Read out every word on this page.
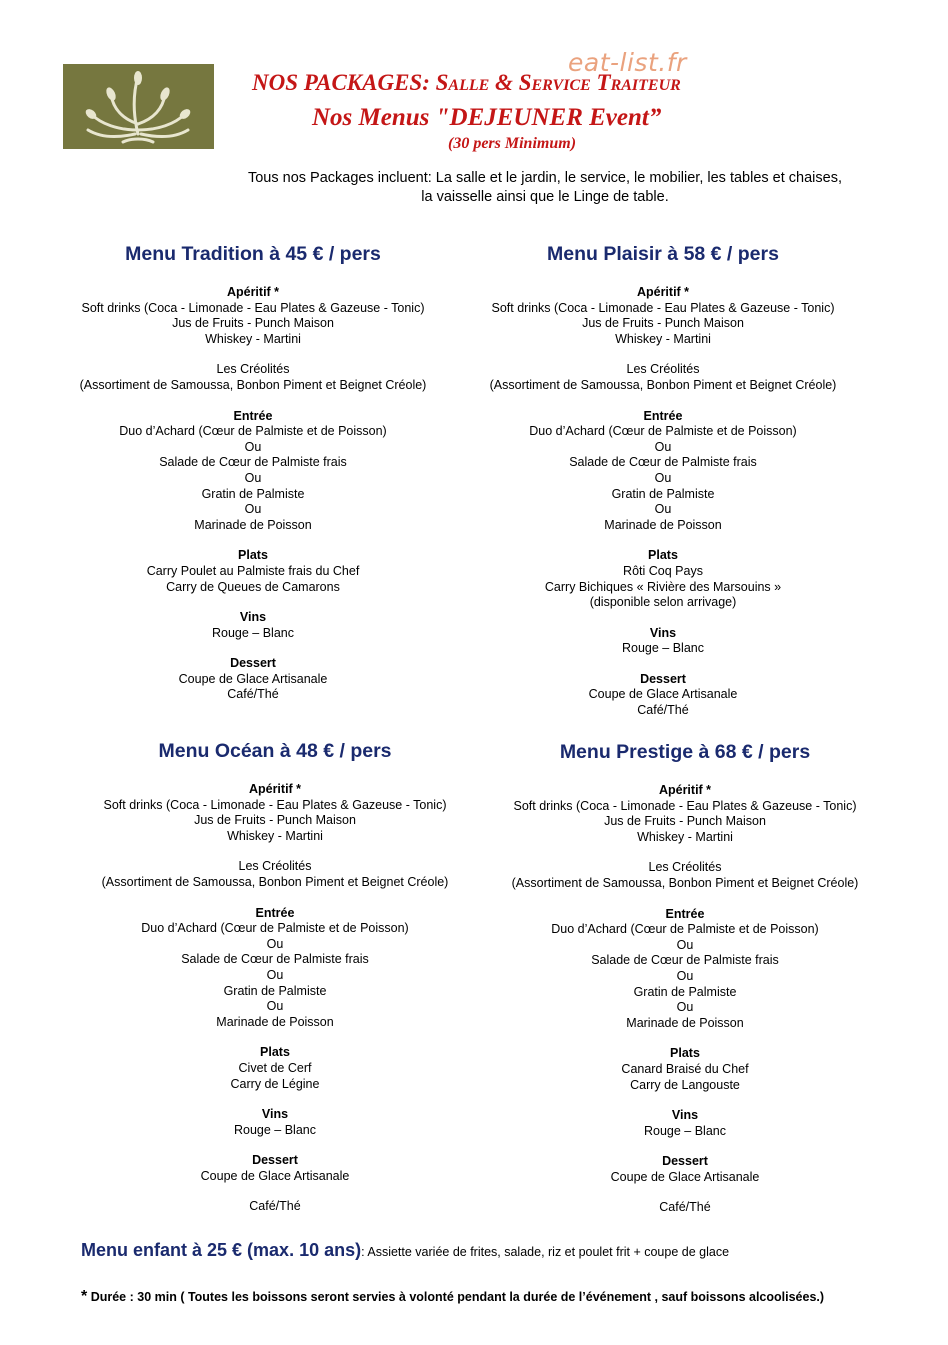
eat-list.fr
NOS PACKAGES: Salle & Service Traiteur
Nos Menus "DEJEUNER Event”
(30 pers Minimum)
Tous nos Packages incluent: La salle et le jardin, le service, le mobilier, les tables et chaises,
la vaisselle ainsi que le Linge de table.
Menu Tradition à 45 € / pers
Apéritif *
Soft drinks (Coca - Limonade - Eau Plates & Gazeuse - Tonic)
Jus de Fruits - Punch Maison
Whiskey - Martini
Les Créolités
(Assortiment de Samoussa, Bonbon Piment et Beignet Créole)
Entrée
Duo d’Achard (Cœur de Palmiste et de Poisson)
Ou
Salade de Cœur de Palmiste frais
Ou
Gratin de Palmiste
Ou
Marinade de Poisson
Plats
Carry Poulet au Palmiste frais du Chef
Carry de Queues de Camarons
Vins
Rouge – Blanc
Dessert
Coupe de Glace Artisanale
Café/Thé
Menu Plaisir à 58 € / pers
Apéritif *
Soft drinks (Coca - Limonade - Eau Plates & Gazeuse - Tonic)
Jus de Fruits - Punch Maison
Whiskey - Martini
Les Créolités
(Assortiment de Samoussa, Bonbon Piment et Beignet Créole)
Entrée
Duo d’Achard (Cœur de Palmiste et de Poisson)
Ou
Salade de Cœur de Palmiste frais
Ou
Gratin de Palmiste
Ou
Marinade de Poisson
Plats
Rôti Coq Pays
Carry Bichiques « Rivière des Marsouins »
(disponible selon arrivage)
Vins
Rouge – Blanc
Dessert
Coupe de Glace Artisanale
Café/Thé
Menu Océan à 48 € / pers
Apéritif *
Soft drinks (Coca - Limonade - Eau Plates & Gazeuse - Tonic)
Jus de Fruits - Punch Maison
Whiskey - Martini
Les Créolités
(Assortiment de Samoussa, Bonbon Piment et Beignet Créole)
Entrée
Duo d’Achard (Cœur de Palmiste et de Poisson)
Ou
Salade de Cœur de Palmiste frais
Ou
Gratin de Palmiste
Ou
Marinade de Poisson
Plats
Civet de Cerf
Carry de Légine
Vins
Rouge – Blanc
Dessert
Coupe de Glace Artisanale
Café/Thé
Menu Prestige à 68 € / pers
Apéritif *
Soft drinks (Coca - Limonade - Eau Plates & Gazeuse - Tonic)
Jus de Fruits - Punch Maison
Whiskey - Martini
Les Créolités
(Assortiment de Samoussa, Bonbon Piment et Beignet Créole)
Entrée
Duo d’Achard (Cœur de Palmiste et de Poisson)
Ou
Salade de Cœur de Palmiste frais
Ou
Gratin de Palmiste
Ou
Marinade de Poisson
Plats
Canard Braisé du Chef
Carry de Langouste
Vins
Rouge – Blanc
Dessert
Coupe de Glace Artisanale
Café/Thé
Menu enfant à 25 € (max. 10 ans): Assiette variée de frites, salade, riz et poulet frit + coupe de glace
* Durée : 30 min ( Toutes les boissons seront servies à volonté pendant la durée de l’événement , sauf boissons alcoolisées.)
